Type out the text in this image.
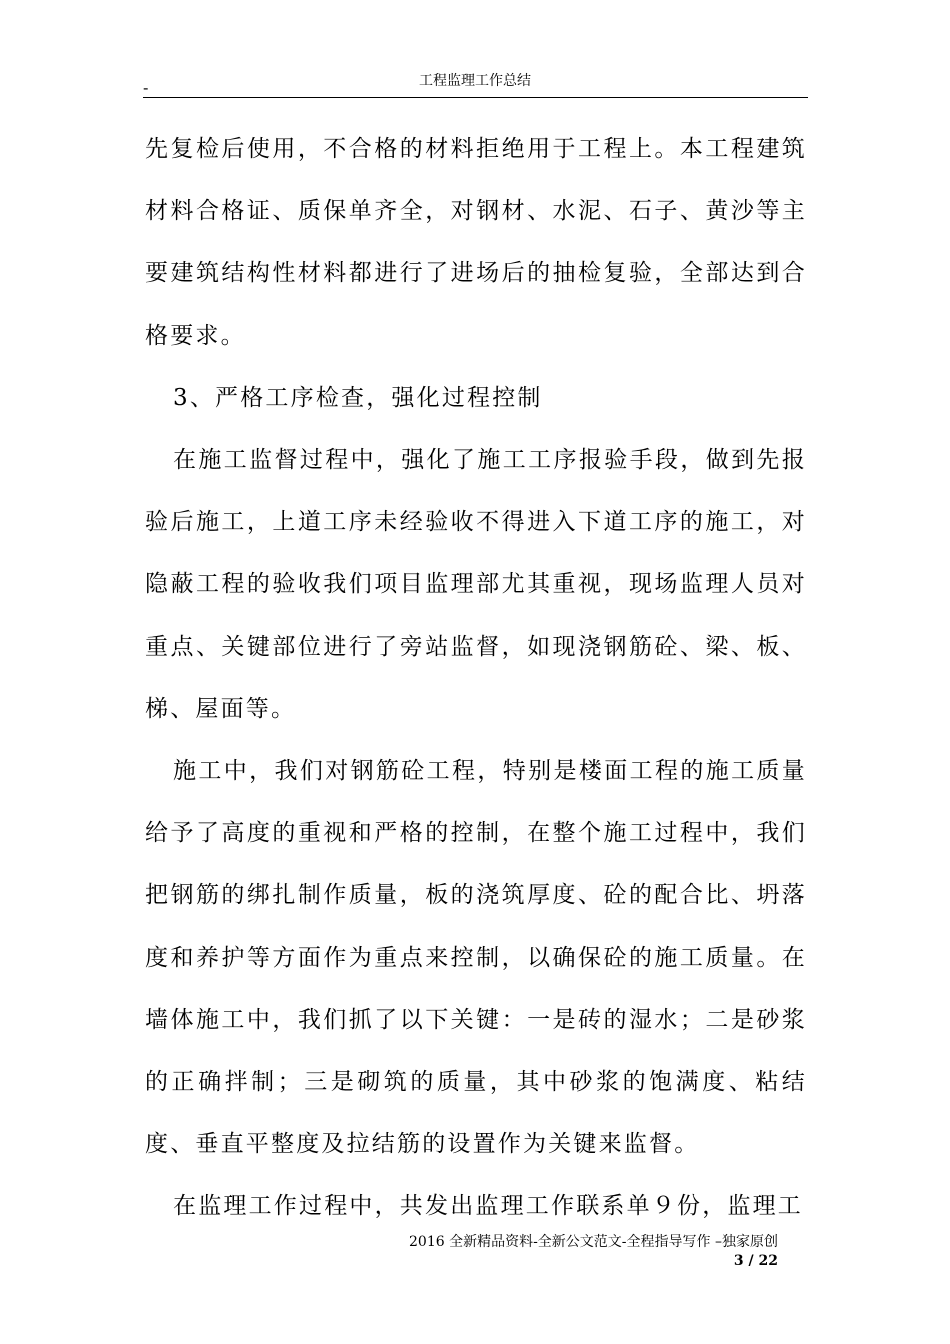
-	工程监理工作总结

先复检后使用，不合格的材料拒绝用于工程上。本工程建筑材料合格证、质保单齐全，对钢材、水泥、石子、黄沙等主要建筑结构性材料都进行了进场后的抽检复验，全部达到合格要求。

3、严格工序检查，强化过程控制

在施工监督过程中，强化了施工工序报验手段，做到先报验后施工，上道工序未经验收不得进入下道工序的施工，对隐蔽工程的验收我们项目监理部尤其重视，现场监理人员对重点、关键部位进行了旁站监督，如现浇钢筋砼、梁、板、梯、屋面等。

施工中，我们对钢筋砼工程，特别是楼面工程的施工质量给予了高度的重视和严格的控制，在整个施工过程中，我们把钢筋的绑扎制作质量，板的浇筑厚度、砼的配合比、坍落度和养护等方面作为重点来控制，以确保砼的施工质量。在墙体施工中，我们抓了以下关键：一是砖的湿水；二是砂浆的正确拌制；三是砌筑的质量，其中砂浆的饱满度、粘结度、垂直平整度及拉结筋的设置作为关键来监督。

在监理工作过程中，共发出监理工作联系单９份，监理工

2016 全新精品资料-全新公文范文-全程指导写作 –独家原创
3 / 22
